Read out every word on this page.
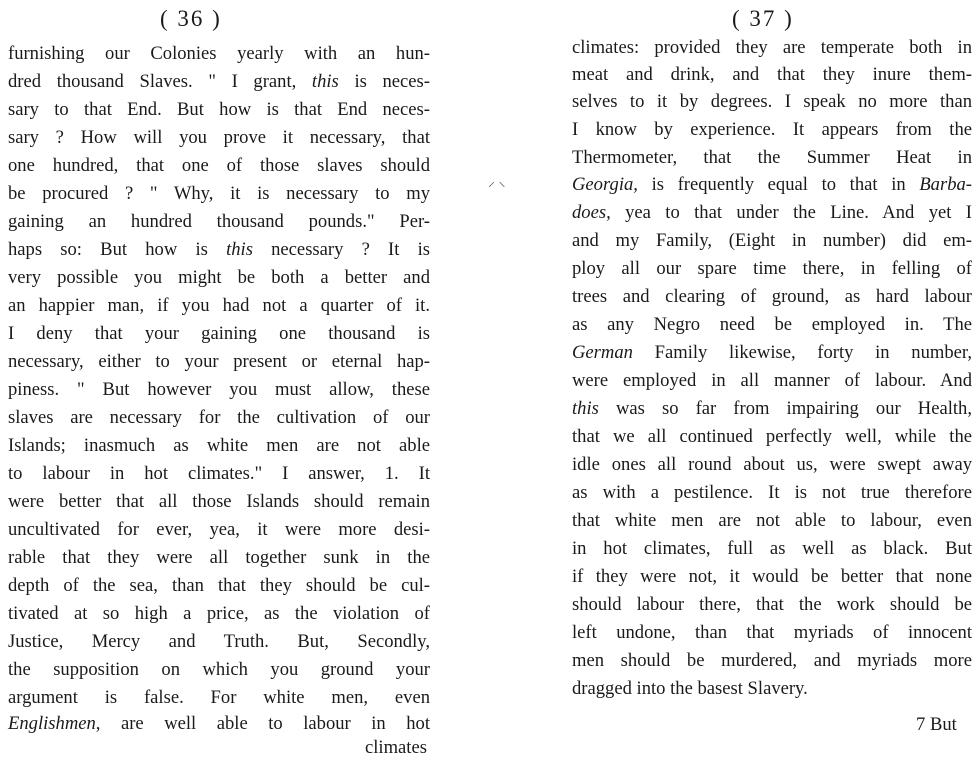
( 36 )
furnishing our Colonies yearly with an hun-
dred thousand Slaves. " I grant, this is neces-
sary to that End. But how is that End neces-
sary ? How will you prove it necessary, that
one hundred, that one of those slaves should
be procured ? " Why, it is necessary to my
gaining an hundred thousand pounds." Per-
haps so: But how is this necessary ? It is
very possible you might be both a better and
an happier man, if you had not a quarter of it.
I deny that your gaining one thousand is
necessary, either to your present or eternal hap-
piness. " But however you must allow, these
slaves are necessary for the cultivation of our
Islands; inasmuch as white men are not able
to labour in hot climates." I answer, 1. It
were better that all those Islands should remain
uncultivated for ever, yea, it were more desi-
rable that they were all together sunk in the
depth of the sea, than that they should be cul-
tivated at so high a price, as the violation of
Justice, Mercy and Truth. But, Secondly,
the supposition on which you ground your
argument is false. For white men, even
Englishmen, are well able to labour in hot
climates
⸝ ⸜
( 37 )
climates: provided they are temperate both in
meat and drink, and that they inure them-
selves to it by degrees. I speak no more than
I know by experience. It appears from the
Thermometer, that the Summer Heat in
Georgia, is frequently equal to that in Barba-
does, yea to that under the Line. And yet I
and my Family, (Eight in number) did em-
ploy all our spare time there, in felling of
trees and clearing of ground, as hard labour
as any Negro need be employed in. The
German Family likewise, forty in number,
were employed in all manner of labour. And
this was so far from impairing our Health,
that we all continued perfectly well, while the
idle ones all round about us, were swept away
as with a pestilence. It is not true therefore
that white men are not able to labour, even
in hot climates, full as well as black. But
if they were not, it would be better that none
should labour there, that the work should be
left undone, than that myriads of innocent
men should be murdered, and myriads more
dragged into the basest Slavery.
7 But
